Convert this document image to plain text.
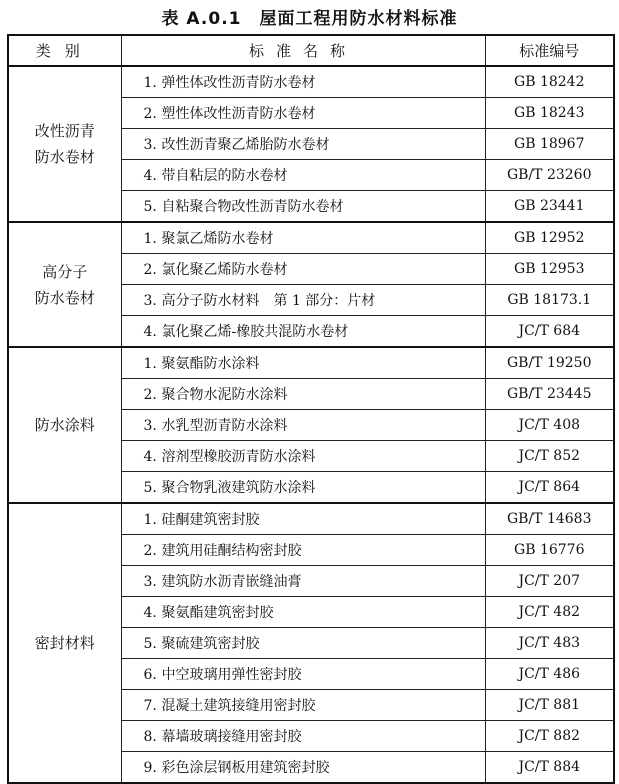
表 A.0.1　屋面工程用防水材料标准
类别	标准名称	标准编号

改性沥青
防水卷材	1. 弹性体改性沥青防水卷材	GB 18242
	2. 塑性体改性沥青防水卷材	GB 18243
	3. 改性沥青聚乙烯胎防水卷材	GB 18967
	4. 带自粘层的防水卷材	GB/T 23260
	5. 自粘聚合物改性沥青防水卷材	GB 23441

高分子
防水卷材	1. 聚氯乙烯防水卷材	GB 12952
	2. 氯化聚乙烯防水卷材	GB 12953
	3. 高分子防水材料　第 1 部分：片材	GB 18173.1
	4. 氯化聚乙烯-橡胶共混防水卷材	JC/T 684

防水涂料	1. 聚氨酯防水涂料	GB/T 19250
	2. 聚合物水泥防水涂料	GB/T 23445
	3. 水乳型沥青防水涂料	JC/T 408
	4. 溶剂型橡胶沥青防水涂料	JC/T 852
	5. 聚合物乳液建筑防水涂料	JC/T 864

密封材料	1. 硅酮建筑密封胶	GB/T 14683
	2. 建筑用硅酮结构密封胶	GB 16776
	3. 建筑防水沥青嵌缝油膏	JC/T 207
	4. 聚氨酯建筑密封胶	JC/T 482
	5. 聚硫建筑密封胶	JC/T 483
	6. 中空玻璃用弹性密封胶	JC/T 486
	7. 混凝土建筑接缝用密封胶	JC/T 881
	8. 幕墙玻璃接缝用密封胶	JC/T 882
	9. 彩色涂层钢板用建筑密封胶	JC/T 884
